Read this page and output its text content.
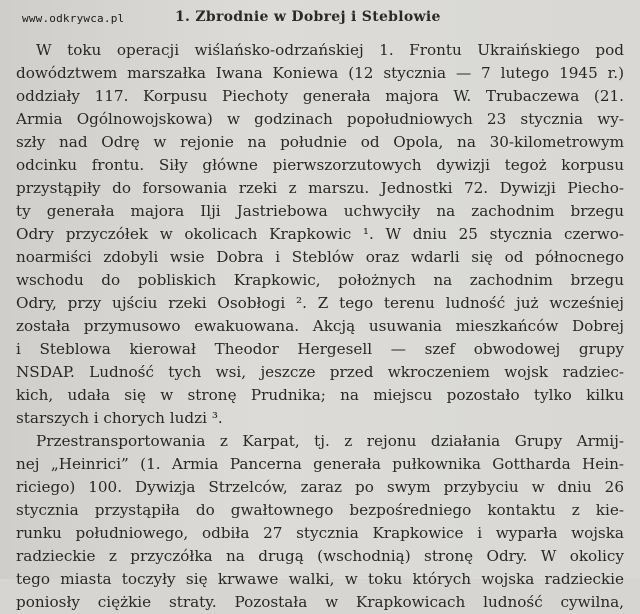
www.odkrywca.pl	1. Zbrodnie w Dobrej i Steblowie
W toku operacji wiślańsko-odrzańskiej 1. Frontu Ukraińskiego pod
dowództwem marszałka Iwana Koniewa (12 stycznia — 7 lutego 1945 r.)
oddziały 117. Korpusu Piechoty generała majora W. Trubaczewa (21.
Armia Ogólnowojskowa) w godzinach popołudniowych 23 stycznia wy-
szły nad Odrę w rejonie na południe od Opola, na 30-kilometrowym
odcinku frontu. Siły główne pierwszorzutowych dywizji tegoż korpusu
przystąpiły do forsowania rzeki z marszu. Jednostki 72. Dywizji Piecho-
ty generała majora Ilji Jastriebowa uchwyciły na zachodnim brzegu
Odry przyczółek w okolicach Krapkowic ¹. W dniu 25 stycznia czerwo-
noarmiści zdobyli wsie Dobra i Steblów oraz wdarli się od północnego
wschodu do pobliskich Krapkowic, położnych na zachodnim brzegu
Odry, przy ujściu rzeki Osobłogi ². Z tego terenu ludność już wcześniej
została przymusowo ewakuowana. Akcją usuwania mieszkańców Dobrej
i Steblowa kierował Theodor Hergesell — szef obwodowej grupy
NSDAP. Ludność tych wsi, jeszcze przed wkroczeniem wojsk radziec-
kich, udała się w stronę Prudnika; na miejscu pozostało tylko kilku
starszych i chorych ludzi ³.
Przestransportowania z Karpat, tj. z rejonu działania Grupy Armij-
nej „Heinrici” (1. Armia Pancerna generała pułkownika Gottharda Hein-
riciego) 100. Dywizja Strzelców, zaraz po swym przybyciu w dniu 26
stycznia przystąpiła do gwałtownego bezpośredniego kontaktu z kie-
runku południowego, odbiła 27 stycznia Krapkowice i wyparła wojska
radzieckie z przyczółka na drugą (wschodnią) stronę Odry. W okolicy
tego miasta toczyły się krwawe walki, w toku których wojska radzieckie
poniosły ciężkie straty. Pozostała w Krapkowicach ludność cywilna,
